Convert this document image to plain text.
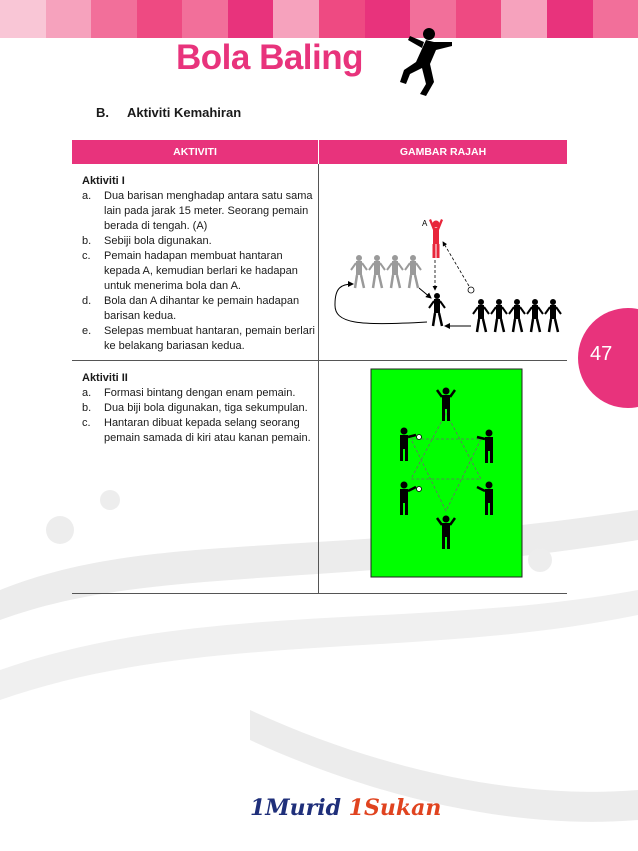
Bola Baling
B. Aktiviti Kemahiran
AKTIVITI	GAMBAR RAJAH
Aktiviti I
a.	Dua barisan menghadap antara satu sama lain pada jarak 15 meter. Seorang pemain berada di tengah. (A)
b.	Sebiji bola digunakan.
c.	Pemain hadapan membuat hantaran kepada A, kemudian berlari ke hadapan untuk menerima bola dan A.
d.	Bola dan A dihantar ke pemain hadapan barisan kedua.
e.	Selepas membuat hantaran, pemain berlari ke belakang bariasan kedua.
A
Aktiviti II
a.	Formasi bintang dengan enam pemain.
b.	Dua biji bola digunakan, tiga sekumpulan.
c.	Hantaran dibuat kepada selang seorang pemain samada di kiri atau kanan pemain.
47
1Murid 1Sukan
